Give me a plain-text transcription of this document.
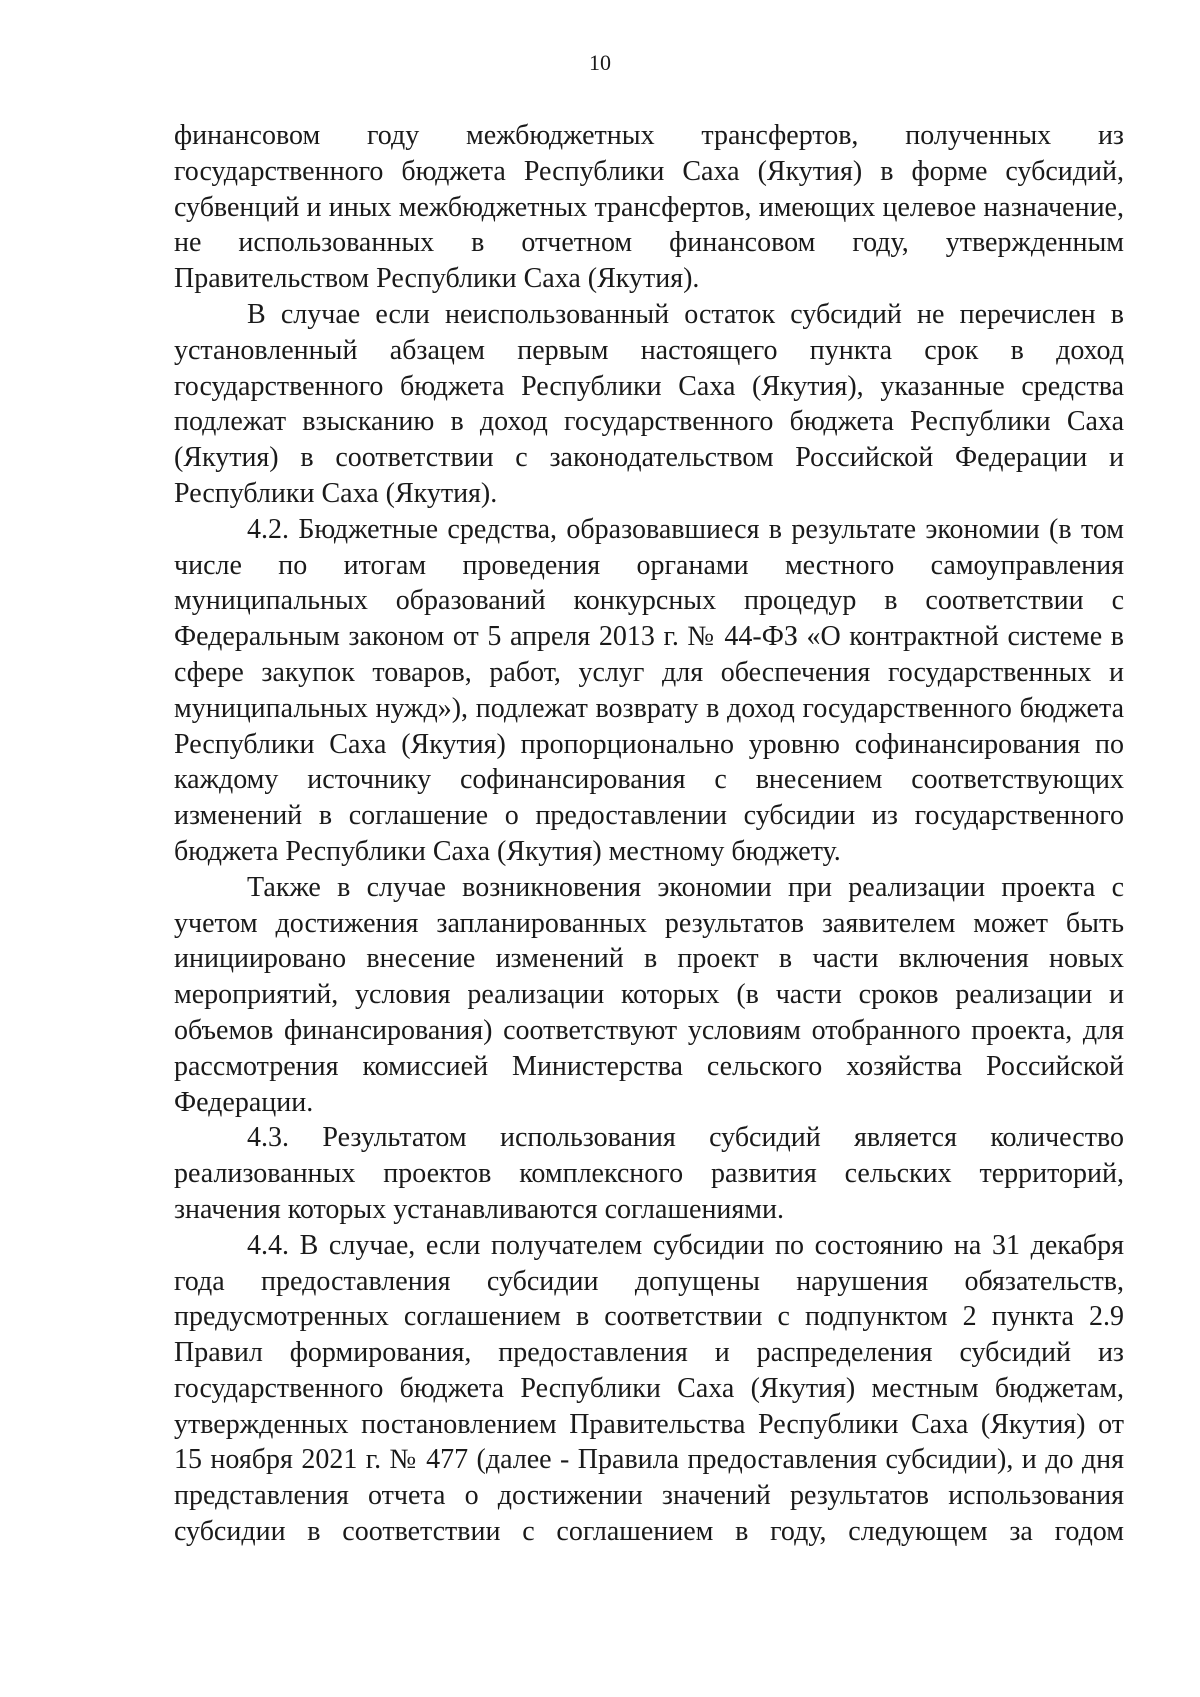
10

финансовом году межбюджетных трансфертов, полученных из государственного бюджета Республики Саха (Якутия) в форме субсидий, субвенций и иных межбюджетных трансфертов, имеющих целевое назначение, не использованных в отчетном финансовом году, утвержденным Правительством Республики Саха (Якутия).

В случае если неиспользованный остаток субсидий не перечислен в установленный абзацем первым настоящего пункта срок в доход государственного бюджета Республики Саха (Якутия), указанные средства подлежат взысканию в доход государственного бюджета Республики Саха (Якутия) в соответствии с законодательством Российской Федерации и Республики Саха (Якутия).

4.2. Бюджетные средства, образовавшиеся в результате экономии (в том числе по итогам проведения органами местного самоуправления муниципальных образований конкурсных процедур в соответствии с Федеральным законом от 5 апреля 2013 г. № 44-ФЗ «О контрактной системе в сфере закупок товаров, работ, услуг для обеспечения государственных и муниципальных нужд»), подлежат возврату в доход государственного бюджета Республики Саха (Якутия) пропорционально уровню софинансирования по каждому источнику софинансирования с внесением соответствующих изменений в соглашение о предоставлении субсидии из государственного бюджета Республики Саха (Якутия) местному бюджету.

Также в случае возникновения экономии при реализации проекта с учетом достижения запланированных результатов заявителем может быть инициировано внесение изменений в проект в части включения новых мероприятий, условия реализации которых (в части сроков реализации и объемов финансирования) соответствуют условиям отобранного проекта, для рассмотрения комиссией Министерства сельского хозяйства Российской Федерации.

4.3. Результатом использования субсидий является количество реализованных проектов комплексного развития сельских территорий, значения которых устанавливаются соглашениями.

4.4. В случае, если получателем субсидии по состоянию на 31 декабря года предоставления субсидии допущены нарушения обязательств, предусмотренных соглашением в соответствии с подпунктом 2 пункта 2.9 Правил формирования, предоставления и распределения субсидий из государственного бюджета Республики Саха (Якутия) местным бюджетам, утвержденных постановлением Правительства Республики Саха (Якутия) от 15 ноября 2021 г. № 477 (далее - Правила предоставления субсидии), и до дня представления отчета о достижении значений результатов использования субсидии в соответствии с соглашением в году, следующем за годом
